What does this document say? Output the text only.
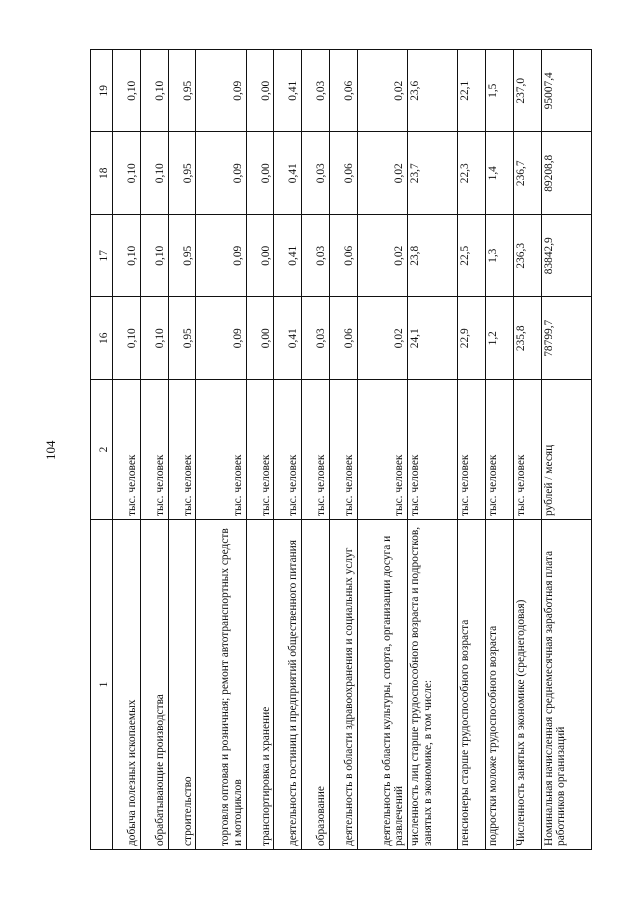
104
1	2	16	17	18	19
добыча полезных ископаемых	тыс. человек	0,10	0,10	0,10	0,10
обрабатывающие производства	тыс. человек	0,10	0,10	0,10	0,10
строительство	тыс. человек	0,95	0,95	0,95	0,95
торговля оптовая и розничная; ремонт автотранспортных средств и мотоциклов	тыс. человек	0,09	0,09	0,09	0,09
транспортировка и хранение	тыс. человек	0,00	0,00	0,00	0,00
деятельность гостиниц и предприятий общественного питания	тыс. человек	0,41	0,41	0,41	0,41
образование	тыс. человек	0,03	0,03	0,03	0,03
деятельность в области здравоохранения и социальных услуг	тыс. человек	0,06	0,06	0,06	0,06
деятельность в области культуры, спорта, организации досуга и развлечений	тыс. человек	0,02	0,02	0,02	0,02
численность лиц старше трудоспособного возраста и подростков, занятых в экономике, в том числе:	тыс. человек	24,1	23,8	23,7	23,6
пенсионеры старше трудоспособного возраста	тыс. человек	22,9	22,5	22,3	22,1
подростки моложе трудоспособного возраста	тыс. человек	1,2	1,3	1,4	1,5
Численность занятых в экономике (среднегодовая)	тыс. человек	235,8	236,3	236,7	237,0
Номинальная начисленная среднемесячная заработная плата работников организаций	рублей / месяц	78799,7	83842,9	89208,8	95007,4
